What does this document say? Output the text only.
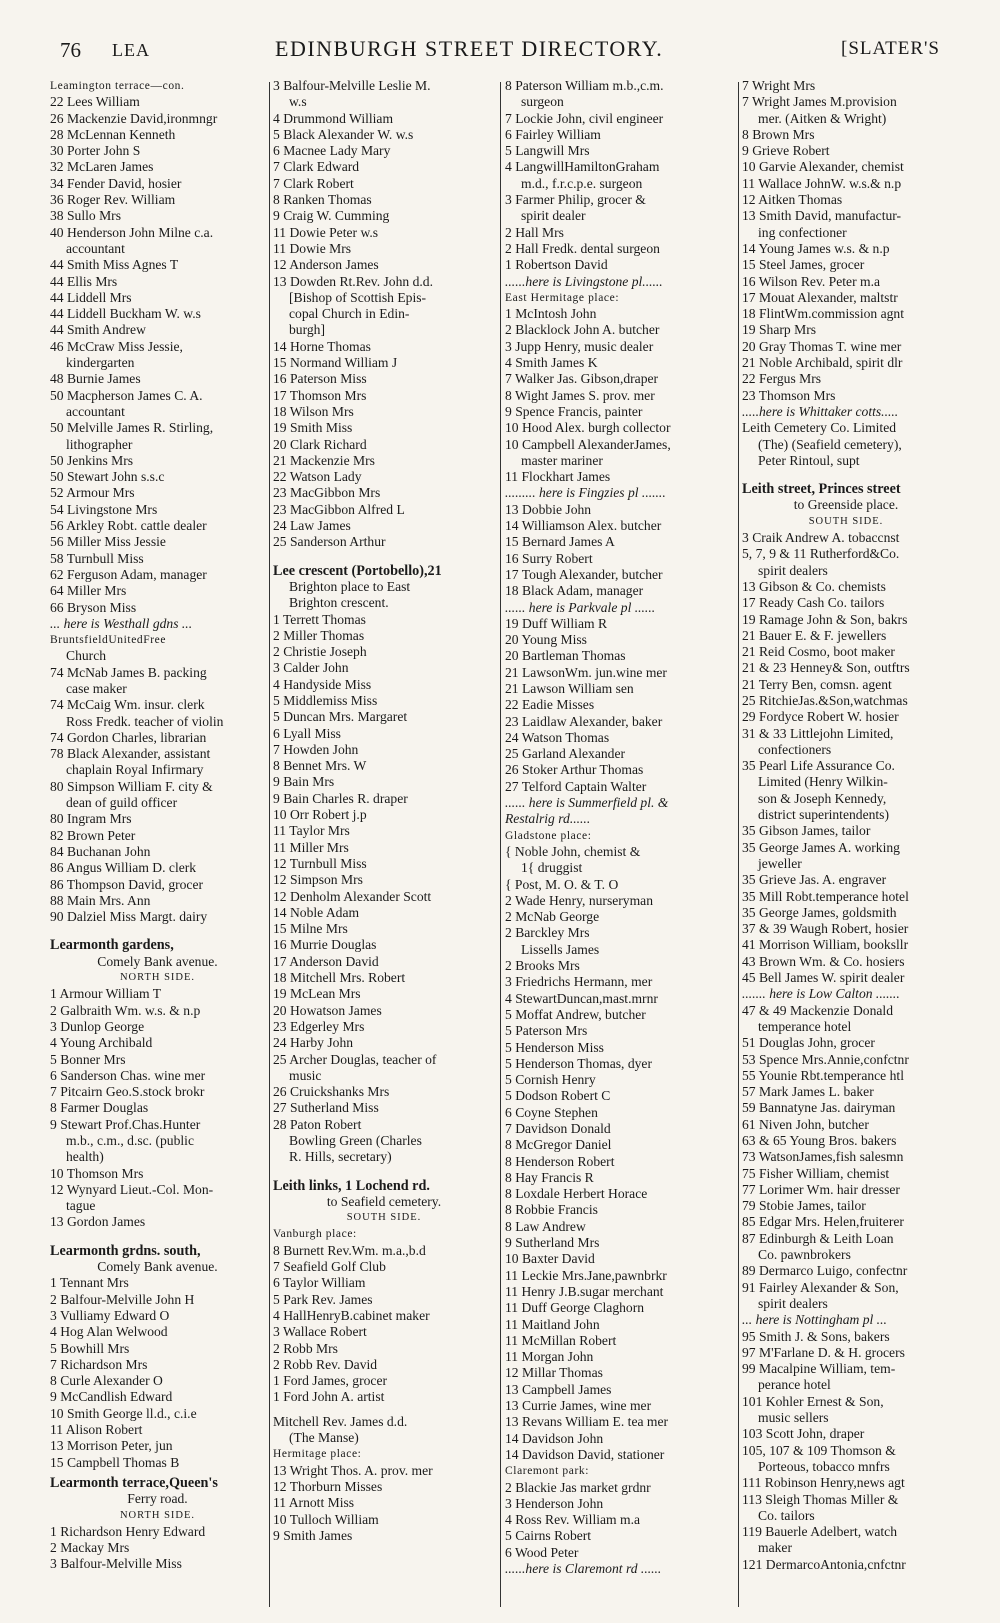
76 LEA	EDINBURGH STREET DIRECTORY.	[SLATER'S
Leamington terrace—con.
22 Lees William
26 Mackenzie David,ironmngr
28 McLennan Kenneth
30 Porter John S
32 McLaren James
34 Fender David, hosier
36 Roger Rev. William
38 Sullo Mrs
40 Henderson John Milne c.a.
accountant
44 Smith Miss Agnes T
44 Ellis Mrs
44 Liddell Mrs
44 Liddell Buckham W. w.s
44 Smith Andrew
46 McCraw Miss Jessie,
kindergarten
48 Burnie James
50 Macpherson James C. A.
accountant
50 Melville James R. Stirling,
lithographer
50 Jenkins Mrs
50 Stewart John s.s.c
52 Armour Mrs
54 Livingstone Mrs
56 Arkley Robt. cattle dealer
56 Miller Miss Jessie
58 Turnbull Miss
62 Ferguson Adam, manager
64 Miller Mrs
66 Bryson Miss
... here is Westhall gdns ...
BruntsfieldUnitedFree
Church
74 McNab James B. packing
case maker
74 McCaig Wm. insur. clerk
Ross Fredk. teacher of violin
74 Gordon Charles, librarian
78 Black Alexander, assistant
chaplain Royal Infirmary
80 Simpson William F. city &
dean of guild officer
80 Ingram Mrs
82 Brown Peter
84 Buchanan John
86 Angus William D. clerk
86 Thompson David, grocer
88 Main Mrs. Ann
90 Dalziel Miss Margt. dairy
Learmonth gardens,
Comely Bank avenue.
NORTH SIDE.
1 Armour William T
2 Galbraith Wm. w.s. & n.p
3 Dunlop George
4 Young Archibald
5 Bonner Mrs
6 Sanderson Chas. wine mer
7 Pitcairn Geo.S.stock brokr
8 Farmer Douglas
9 Stewart Prof.Chas.Hunter
m.b., c.m., d.sc. (public
health)
10 Thomson Mrs
12 Wynyard Lieut.-Col. Mon-
tague
13 Gordon James
Learmonth grdns. south,
Comely Bank avenue.
1 Tennant Mrs
2 Balfour-Melville John H
3 Vulliamy Edward O
4 Hog Alan Welwood
5 Bowhill Mrs
7 Richardson Mrs
8 Curle Alexander O
9 McCandlish Edward
10 Smith George ll.d., c.i.e
11 Alison Robert
13 Morrison Peter, jun
15 Campbell Thomas B
Learmonth terrace,Queen's
Ferry road.
NORTH SIDE.
1 Richardson Henry Edward
2 Mackay Mrs
3 Balfour-Melville Miss
3 Balfour-Melville Leslie M.
w.s
4 Drummond William
5 Black Alexander W. w.s
6 Macnee Lady Mary
7 Clark Edward
7 Clark Robert
8 Ranken Thomas
9 Craig W. Cumming
11 Dowie Peter w.s
11 Dowie Mrs
12 Anderson James
13 Dowden Rt.Rev. John d.d.
[Bishop of Scottish Epis-
copal Church in Edin-
burgh]
14 Horne Thomas
15 Normand William J
16 Paterson Miss
17 Thomson Mrs
18 Wilson Mrs
19 Smith Miss
20 Clark Richard
21 Mackenzie Mrs
22 Watson Lady
23 MacGibbon Mrs
23 MacGibbon Alfred L
24 Law James
25 Sanderson Arthur
Lee crescent (Portobello),21
Brighton place to East
Brighton crescent.
1 Terrett Thomas
2 Miller Thomas
2 Christie Joseph
3 Calder John
4 Handyside Miss
5 Middlemiss Miss
5 Duncan Mrs. Margaret
6 Lyall Miss
7 Howden John
8 Bennet Mrs. W
9 Bain Mrs
9 Bain Charles R. draper
10 Orr Robert j.p
11 Taylor Mrs
11 Miller Mrs
12 Turnbull Miss
12 Simpson Mrs
12 Denholm Alexander Scott
14 Noble Adam
15 Milne Mrs
16 Murrie Douglas
17 Anderson David
18 Mitchell Mrs. Robert
19 McLean Mrs
20 Howatson James
23 Edgerley Mrs
24 Harby John
25 Archer Douglas, teacher of
music
26 Cruickshanks Mrs
27 Sutherland Miss
28 Paton Robert
Bowling Green (Charles
R. Hills, secretary)
Leith links, 1 Lochend rd.
to Seafield cemetery.
SOUTH SIDE.
Vanburgh place:
8 Burnett Rev.Wm. m.a.,b.d
7 Seafield Golf Club
6 Taylor William
5 Park Rev. James
4 HallHenryB.cabinet maker
3 Wallace Robert
2 Robb Mrs
2 Robb Rev. David
1 Ford James, grocer
1 Ford John A. artist
Mitchell Rev. James d.d.
(The Manse)
Hermitage place:
13 Wright Thos. A. prov. mer
12 Thorburn Misses
11 Arnott Miss
10 Tulloch William
9 Smith James
8 Paterson William m.b.,c.m.
surgeon
7 Lockie John, civil engineer
6 Fairley William
5 Langwill Mrs
4 LangwillHamiltonGraham
m.d., f.r.c.p.e. surgeon
3 Farmer Philip, grocer &
spirit dealer
2 Hall Mrs
2 Hall Fredk. dental surgeon
1 Robertson David
......here is Livingstone pl......
East Hermitage place:
1 McIntosh John
2 Blacklock John A. butcher
3 Jupp Henry, music dealer
4 Smith James K
7 Walker Jas. Gibson,draper
8 Wight James S. prov. mer
9 Spence Francis, painter
10 Hood Alex. burgh collector
10 Campbell AlexanderJames,
master mariner
11 Flockhart James
......... here is Fingzies pl .......
13 Dobbie John
14 Williamson Alex. butcher
15 Bernard James A
16 Surry Robert
17 Tough Alexander, butcher
18 Black Adam, manager
...... here is Parkvale pl ......
19 Duff William R
20 Young Miss
20 Bartleman Thomas
21 LawsonWm. jun.wine mer
21 Lawson William sen
22 Eadie Misses
23 Laidlaw Alexander, baker
24 Watson Thomas
25 Garland Alexander
26 Stoker Arthur Thomas
27 Telford Captain Walter
...... here is Summerfield pl. &
Restalrig rd......
Gladstone place:
{ Noble John, chemist &
1{ druggist
{ Post, M. O. & T. O
2 Wade Henry, nurseryman
2 McNab George
2 Barckley Mrs
Lissells James
2 Brooks Mrs
3 Friedrichs Hermann, mer
4 StewartDuncan,mast.mrnr
5 Moffat Andrew, butcher
5 Paterson Mrs
5 Henderson Miss
5 Henderson Thomas, dyer
5 Cornish Henry
5 Dodson Robert C
6 Coyne Stephen
7 Davidson Donald
8 McGregor Daniel
8 Henderson Robert
8 Hay Francis R
8 Loxdale Herbert Horace
8 Robbie Francis
8 Law Andrew
9 Sutherland Mrs
10 Baxter David
11 Leckie Mrs.Jane,pawnbrkr
11 Henry J.B.sugar merchant
11 Duff George Claghorn
11 Maitland John
11 McMillan Robert
11 Morgan John
12 Millar Thomas
13 Campbell James
13 Currie James, wine mer
13 Revans William E. tea mer
14 Davidson John
14 Davidson David, stationer
Claremont park:
2 Blackie Jas market grdnr
3 Henderson John
4 Ross Rev. William m.a
5 Cairns Robert
6 Wood Peter
......here is Claremont rd ......
7 Wright Mrs
7 Wright James M.provision
mer. (Aitken & Wright)
8 Brown Mrs
9 Grieve Robert
10 Garvie Alexander, chemist
11 Wallace JohnW. w.s.& n.p
12 Aitken Thomas
13 Smith David, manufactur-
ing confectioner
14 Young James w.s. & n.p
15 Steel James, grocer
16 Wilson Rev. Peter m.a
17 Mouat Alexander, maltstr
18 FlintWm.commission agnt
19 Sharp Mrs
20 Gray Thomas T. wine mer
21 Noble Archibald, spirit dlr
22 Fergus Mrs
23 Thomson Mrs
.....here is Whittaker cotts.....
Leith Cemetery Co. Limited
(The) (Seafield cemetery),
Peter Rintoul, supt
Leith street, Princes street
to Greenside place.
SOUTH SIDE.
3 Craik Andrew A. tobaccnst
5, 7, 9 & 11 Rutherford&Co.
spirit dealers
13 Gibson & Co. chemists
17 Ready Cash Co. tailors
19 Ramage John & Son, bakrs
21 Bauer E. & F. jewellers
21 Reid Cosmo, boot maker
21 & 23 Henney& Son, outftrs
21 Terry Ben, comsn. agent
25 RitchieJas.&Son,watchmas
29 Fordyce Robert W. hosier
31 & 33 Littlejohn Limited,
confectioners
35 Pearl Life Assurance Co.
Limited (Henry Wilkin-
son & Joseph Kennedy,
district superintendents)
35 Gibson James, tailor
35 George James A. working
jeweller
35 Grieve Jas. A. engraver
35 Mill Robt.temperance hotel
35 George James, goldsmith
37 & 39 Waugh Robert, hosier
41 Morrison William, booksllr
43 Brown Wm. & Co. hosiers
45 Bell James W. spirit dealer
....... here is Low Calton .......
47 & 49 Mackenzie Donald
temperance hotel
51 Douglas John, grocer
53 Spence Mrs.Annie,confctnr
55 Younie Rbt.temperance htl
57 Mark James L. baker
59 Bannatyne Jas. dairyman
61 Niven John, butcher
63 & 65 Young Bros. bakers
73 WatsonJames,fish salesmn
75 Fisher William, chemist
77 Lorimer Wm. hair dresser
79 Stobie James, tailor
85 Edgar Mrs. Helen,fruiterer
87 Edinburgh & Leith Loan
Co. pawnbrokers
89 Dermarco Luigo, confectnr
91 Fairley Alexander & Son,
spirit dealers
... here is Nottingham pl ...
95 Smith J. & Sons, bakers
97 M'Farlane D. & H. grocers
99 Macalpine William, tem-
perance hotel
101 Kohler Ernest & Son,
music sellers
103 Scott John, draper
105, 107 & 109 Thomson &
Porteous, tobacco mnfrs
111 Robinson Henry,news agt
113 Sleigh Thomas Miller &
Co. tailors
119 Bauerle Adelbert, watch
maker
121 DermarcoAntonia,cnfctnr
